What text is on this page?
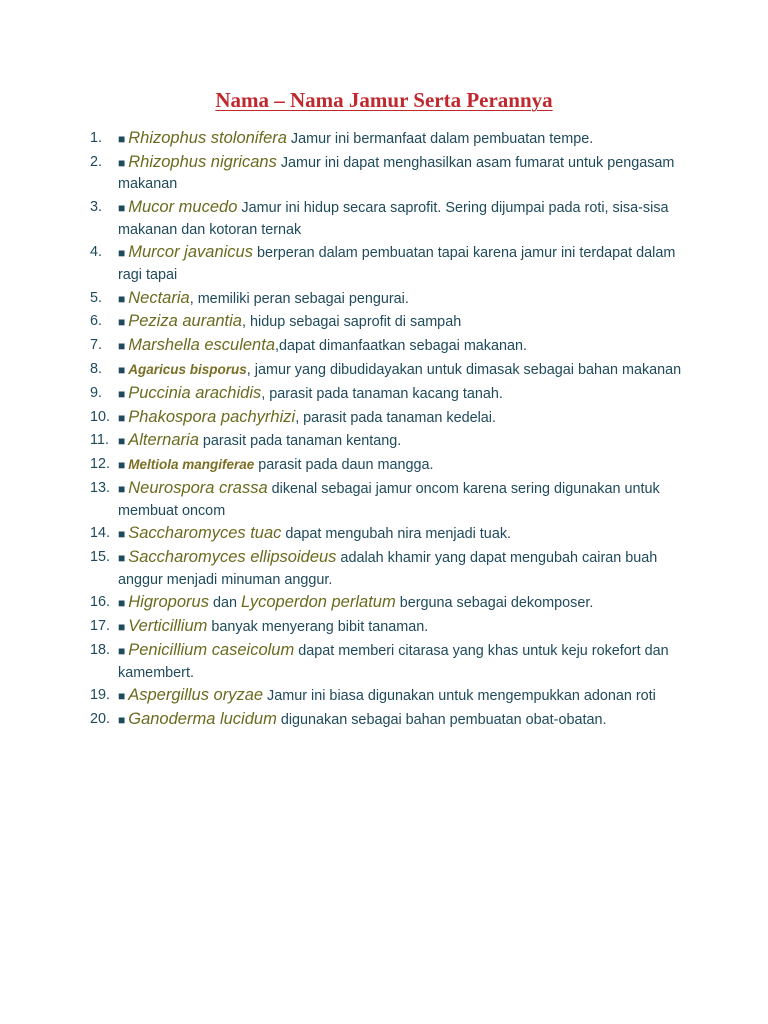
Nama – Nama Jamur Serta Perannya
1. ■ Rhizophus stolonifera Jamur ini bermanfaat dalam pembuatan tempe.
2. ■ Rhizophus nigricans Jamur ini dapat menghasilkan asam fumarat untuk pengasam makanan
3. ■ Mucor mucedo Jamur ini hidup secara saprofit. Sering dijumpai pada roti, sisa-sisa makanan dan kotoran ternak
4. ■ Murcor javanicus berperan dalam pembuatan tapai karena jamur ini terdapat dalam ragi tapai
5. ■ Nectaria, memiliki peran sebagai pengurai.
6. ■ Peziza aurantia, hidup sebagai saprofit di sampah
7. ■ Marshella esculenta,dapat dimanfaatkan sebagai makanan.
8. ■ Agaricus bisporus, jamur yang dibudidayakan untuk dimasak sebagai bahan makanan
9. ■ Puccinia arachidis, parasit pada tanaman kacang tanah.
10. ■ Phakospora pachyrhizi, parasit pada tanaman kedelai.
11. ■ Alternaria parasit pada tanaman kentang.
12. ■ Meltiola mangiferae parasit pada daun mangga.
13. ■ Neurospora crassa dikenal sebagai jamur oncom karena sering digunakan untuk membuat oncom
14. ■ Saccharomyces tuac dapat mengubah nira menjadi tuak.
15. ■ Saccharomyces ellipsoideus adalah khamir yang dapat mengubah cairan buah anggur menjadi minuman anggur.
16. ■ Higroporus dan Lycoperdon perlatum berguna sebagai dekomposer.
17. ■ Verticillium banyak menyerang bibit tanaman.
18. ■ Penicillium caseicolum dapat memberi citarasa yang khas untuk keju rokefort dan kamembert.
19. ■ Aspergillus oryzae Jamur ini biasa digunakan untuk mengempukkan adonan roti
20. ■ Ganoderma lucidum digunakan sebagai bahan pembuatan obat-obatan.
